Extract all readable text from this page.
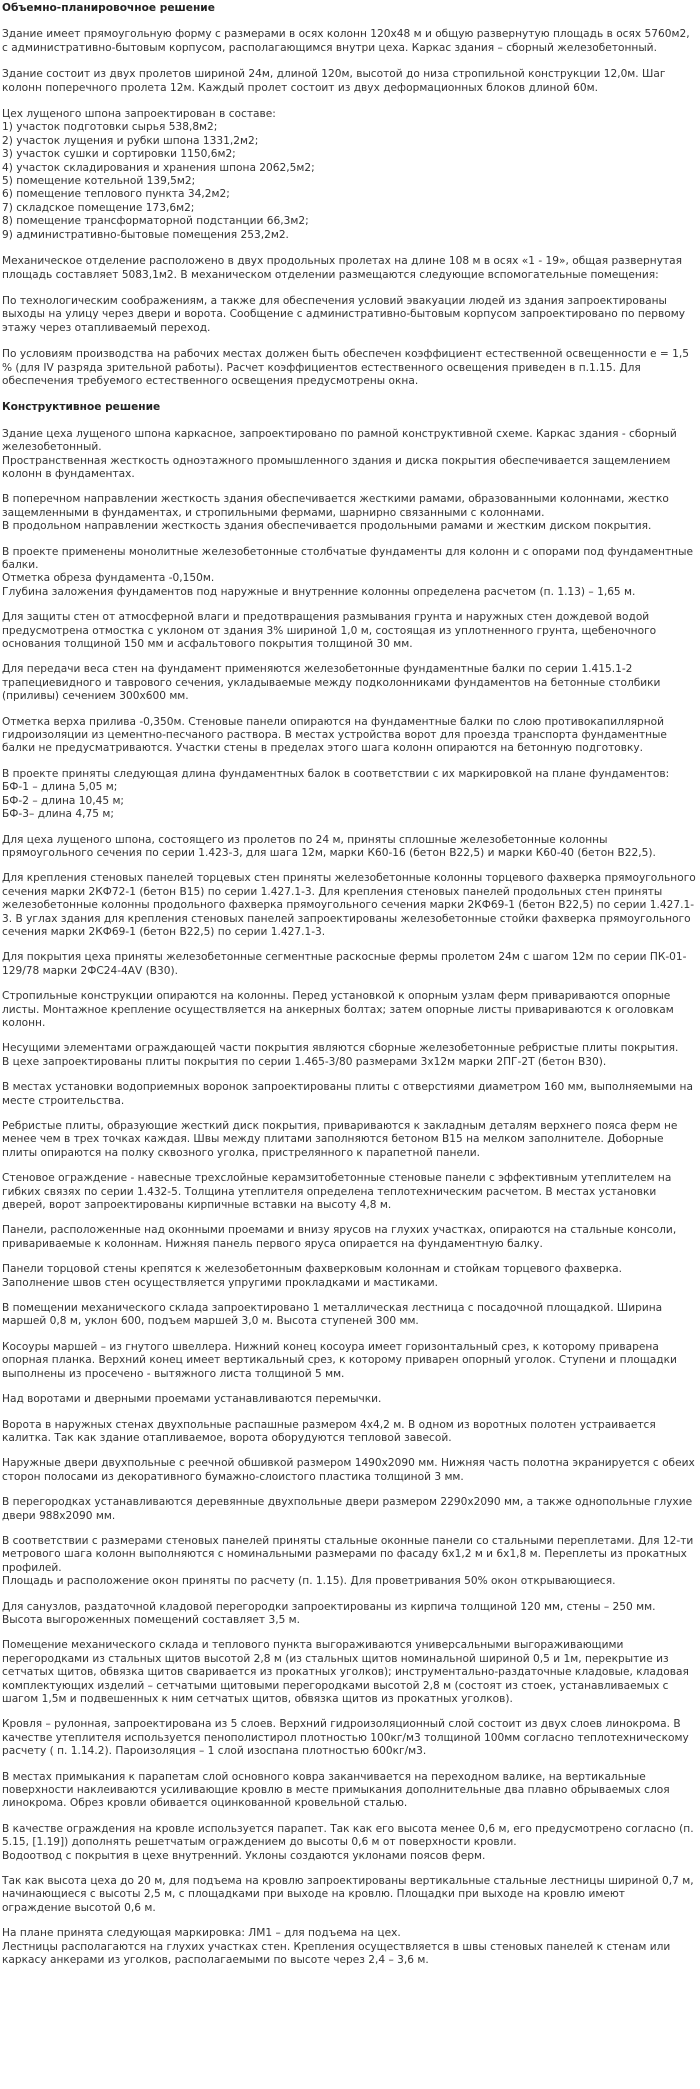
Объемно-планировочное решение
Здание имеет прямоугольную форму с размерами в осях колонн 120х48 м и общую развернутую площадь в осях 5760м2, с административно-бытовым корпусом, располагающимся внутри цеха. Каркас здания – сборный железобетонный.
Здание состоит из двух пролетов шириной 24м, длиной 120м, высотой до низа стропильной конструкции 12,0м. Шаг колонн поперечного пролета 12м. Каждый пролет состоит из двух деформационных блоков длиной 60м.
Цех лущеного шпона запроектирован в составе:
1) участок подготовки сырья 538,8м2;
2) участок лущения и рубки шпона 1331,2м2;
3) участок сушки и сортировки 1150,6м2;
4) участок складирования и хранения шпона 2062,5м2;
5) помещение котельной 139,5м2;
6) помещение теплового пункта 34,2м2;
7) складское помещение 173,6м2;
8) помещение трансформаторной подстанции 66,3м2;
9) административно-бытовые помещения 253,2м2.
Механическое отделение расположено в двух продольных пролетах на длине 108 м в осях «1 - 19», общая развернутая площадь составляет 5083,1м2. В механическом отделении размещаются следующие вспомогательные помещения:
По технологическим соображениям, а также для обеспечения условий эвакуации людей из здания запроектированы выходы на улицу через двери и ворота. Сообщение с административно-бытовым корпусом запроектировано по первому этажу через отапливаемый переход.
По условиям производства на рабочих местах должен быть обеспечен коэффициент естественной освещенности е = 1,5 % (для IV разряда зрительной работы). Расчет коэффициентов естественного освещения приведен в п.1.15. Для обеспечения требуемого естественного освещения предусмотрены окна.
Конструктивное решение
Здание цеха лущеного шпона каркасное, запроектировано по рамной конструктивной схеме. Каркас здания - сборный железобетонный.
Пространственная жесткость одноэтажного промышленного здания и диска покрытия обеспечивается защемлением колонн в фундаментах.
В поперечном направлении жесткость здания обеспечивается жесткими рамами, образованными колоннами, жестко защемленными в фундаментах, и стропильными фермами, шарнирно связанными с колоннами.
В продольном направлении жесткость здания обеспечивается продольными рамами и жестким диском покрытия.
В проекте применены монолитные железобетонные столбчатые фундаменты для колонн и с опорами под фундаментные балки.
Отметка обреза фундамента -0,150м.
Глубина заложения фундаментов под наружные и внутренние колонны определена расчетом (п. 1.13) – 1,65 м.
Для защиты стен от атмосферной влаги и предотвращения размывания грунта и наружных стен дождевой водой предусмотрена отмостка с уклоном от здания 3% шириной 1,0 м, состоящая из уплотненного грунта, щебеночного основания толщиной 150 мм и асфальтового покрытия толщиной 30 мм.
Для передачи веса стен на фундамент применяются железобетонные фундаментные балки по серии 1.415.1-2 трапециевидного и таврового сечения, укладываемые между подколонниками фундаментов на бетонные столбики (приливы) сечением 300х600 мм.
Отметка верха прилива -0,350м. Стеновые панели опираются на фундаментные балки по слою противокапиллярной гидроизоляции из цементно-песчаного раствора. В местах устройства ворот для проезда транспорта фундаментные балки не предусматриваются. Участки стены в пределах этого шага колонн опираются на бетонную подготовку.
В проекте приняты следующая длина фундаментных балок в соответствии с их маркировкой на плане фундаментов:
БФ-1 – длина 5,05 м;
БФ-2 – длина 10,45 м;
БФ-3– длина 4,75 м;
Для цеха лущеного шпона, состоящего из пролетов по 24 м, приняты сплошные железобетонные колонны прямоугольного сечения по серии 1.423-3, для шага 12м, марки К60-16 (бетон В22,5) и марки К60-40 (бетон В22,5).
Для крепления стеновых панелей торцевых стен приняты железобетонные колонны торцевого фахверка прямоугольного сечения марки 2КФ72-1 (бетон В15) по серии 1.427.1-3. Для крепления стеновых панелей продольных стен приняты железобетонные колонны продольного фахверка прямоугольного сечения марки 2КФ69-1 (бетон В22,5) по серии 1.427.1-3. В углах здания для крепления стеновых панелей запроектированы железобетонные стойки фахверка прямоугольного сечения марки 2КФ69-1 (бетон В22,5) по серии 1.427.1-3.
Для покрытия цеха приняты железобетонные сегментные раскосные фермы пролетом 24м с шагом 12м по серии ПК-01-129/78 марки 2ФС24-4АV (В30).
Стропильные конструкции опираются на колонны. Перед установкой к опорным узлам ферм привариваются опорные листы. Монтажное крепление осуществляется на анкерных болтах; затем опорные листы привариваются к оголовкам колонн.
Несущими элементами ограждающей части покрытия являются сборные железобетонные ребристые плиты покрытия.
В цехе запроектированы плиты покрытия по серии 1.465-3/80 размерами 3х12м марки 2ПГ-2Т (бетон В30).
В местах установки водоприемных воронок запроектированы плиты с отверстиями диаметром 160 мм, выполняемыми на месте строительства.
Ребристые плиты, образующие жесткий диск покрытия, привариваются к закладным деталям верхнего пояса ферм не менее чем в трех точках каждая. Швы между плитами заполняются бетоном В15 на мелком заполнителе. Доборные плиты опираются на полку сквозного уголка, пристрелянного к парапетной панели.
Стеновое ограждение - навесные трехслойные керамзитобетонные стеновые панели с эффективным утеплителем на гибких связях по серии 1.432-5. Толщина утеплителя определена теплотехническим расчетом. В местах установки дверей, ворот запроектированы кирпичные вставки на высоту 4,8 м.
Панели, расположенные над оконными проемами и внизу ярусов на глухих участках, опираются на стальные консоли, привариваемые к колоннам. Нижняя панель первого яруса опирается на фундаментную балку.
Панели торцовой стены крепятся к железобетонным фахверковым колоннам и стойкам торцевого фахверка.
Заполнение швов стен осуществляется упругими прокладками и мастиками.
В помещении механического склада запроектировано 1 металлическая лестница с посадочной площадкой. Ширина маршей 0,8 м, уклон 600, подъем маршей 3,0 м. Высота ступеней 300 мм.
Косоуры маршей – из гнутого швеллера. Нижний конец косоура имеет горизонтальный срез, к которому приварена опорная планка. Верхний конец имеет вертикальный срез, к которому приварен опорный уголок. Ступени и площадки выполнены из просечено - вытяжного листа толщиной 5 мм.
Над воротами и дверными проемами устанавливаются перемычки.
Ворота в наружных стенах двухпольные распашные размером 4х4,2 м. В одном из воротных полотен устраивается калитка. Так как здание отапливаемое, ворота оборудуются тепловой завесой.
Наружные двери двухпольные с реечной обшивкой размером 1490х2090 мм. Нижняя часть полотна экранируется с обеих сторон полосами из декоративного бумажно-слоистого пластика толщиной 3 мм.
В перегородках устанавливаются деревянные двухпольные двери размером 2290х2090 мм, а также однопольные глухие двери 988х2090 мм.
В соответствии с размерами стеновых панелей приняты стальные оконные панели со стальными переплетами. Для 12-ти метрового шага колонн выполняются с номинальными размерами по фасаду 6х1,2 м и 6х1,8 м. Переплеты из прокатных профилей.
Площадь и расположение окон приняты по расчету (п. 1.15). Для проветривания 50% окон открывающиеся.
Для санузлов, раздаточной кладовой перегородки запроектированы из кирпича толщиной 120 мм, стены – 250 мм. Высота выгороженных помещений составляет 3,5 м.
Помещение механического склада и теплового пункта выгораживаются универсальными выгораживающими перегородками из стальных щитов высотой 2,8 м (из стальных щитов номинальной шириной 0,5 и 1м, перекрытие из сетчатых щитов, обвязка щитов сваривается из прокатных уголков); инструментально-раздаточные кладовые, кладовая комплектующих изделий – сетчатыми щитовыми перегородками высотой 2,8 м (состоят из стоек, устанавливаемых с шагом 1,5м и подвешенных к ним сетчатых щитов, обвязка щитов из прокатных уголков).
Кровля – рулонная, запроектирована из 5 слоев. Верхний гидроизоляционный слой состоит из двух слоев линокрома. В качестве утеплителя используется пенополистирол плотностью 100кг/м3 толщиной 100мм согласно теплотехническому расчету ( п. 1.14.2). Пароизоляция – 1 слой изоспана плотностью 600кг/м3.
В местах примыкания к парапетам слой основного ковра заканчивается на переходном валике, на вертикальные поверхности наклеиваются усиливающие кровлю в месте примыкания дополнительные два плавно обрываемых слоя линокрома. Обрез кровли обивается оцинкованной кровельной сталью.
В качестве ограждения на кровле используется парапет. Так как его высота менее 0,6 м, его предусмотрено согласно (п. 5.15, [1.19]) дополнять решетчатым ограждением до высоты 0,6 м от поверхности кровли.
Водоотвод с покрытия в цехе внутренний. Уклоны создаются уклонами поясов ферм.
Так как высота цеха до 20 м, для подъема на кровлю запроектированы вертикальные стальные лестницы шириной 0,7 м, начинающиеся с высоты 2,5 м, с площадками при выходе на кровлю. Площадки при выходе на кровлю имеют ограждение высотой 0,6 м.
На плане принята следующая маркировка: ЛМ1 – для подъема на цех.
Лестницы располагаются на глухих участках стен. Крепления осуществляется в швы стеновых панелей к стенам или каркасу анкерами из уголков, располагаемыми по высоте через 2,4 – 3,6 м.
